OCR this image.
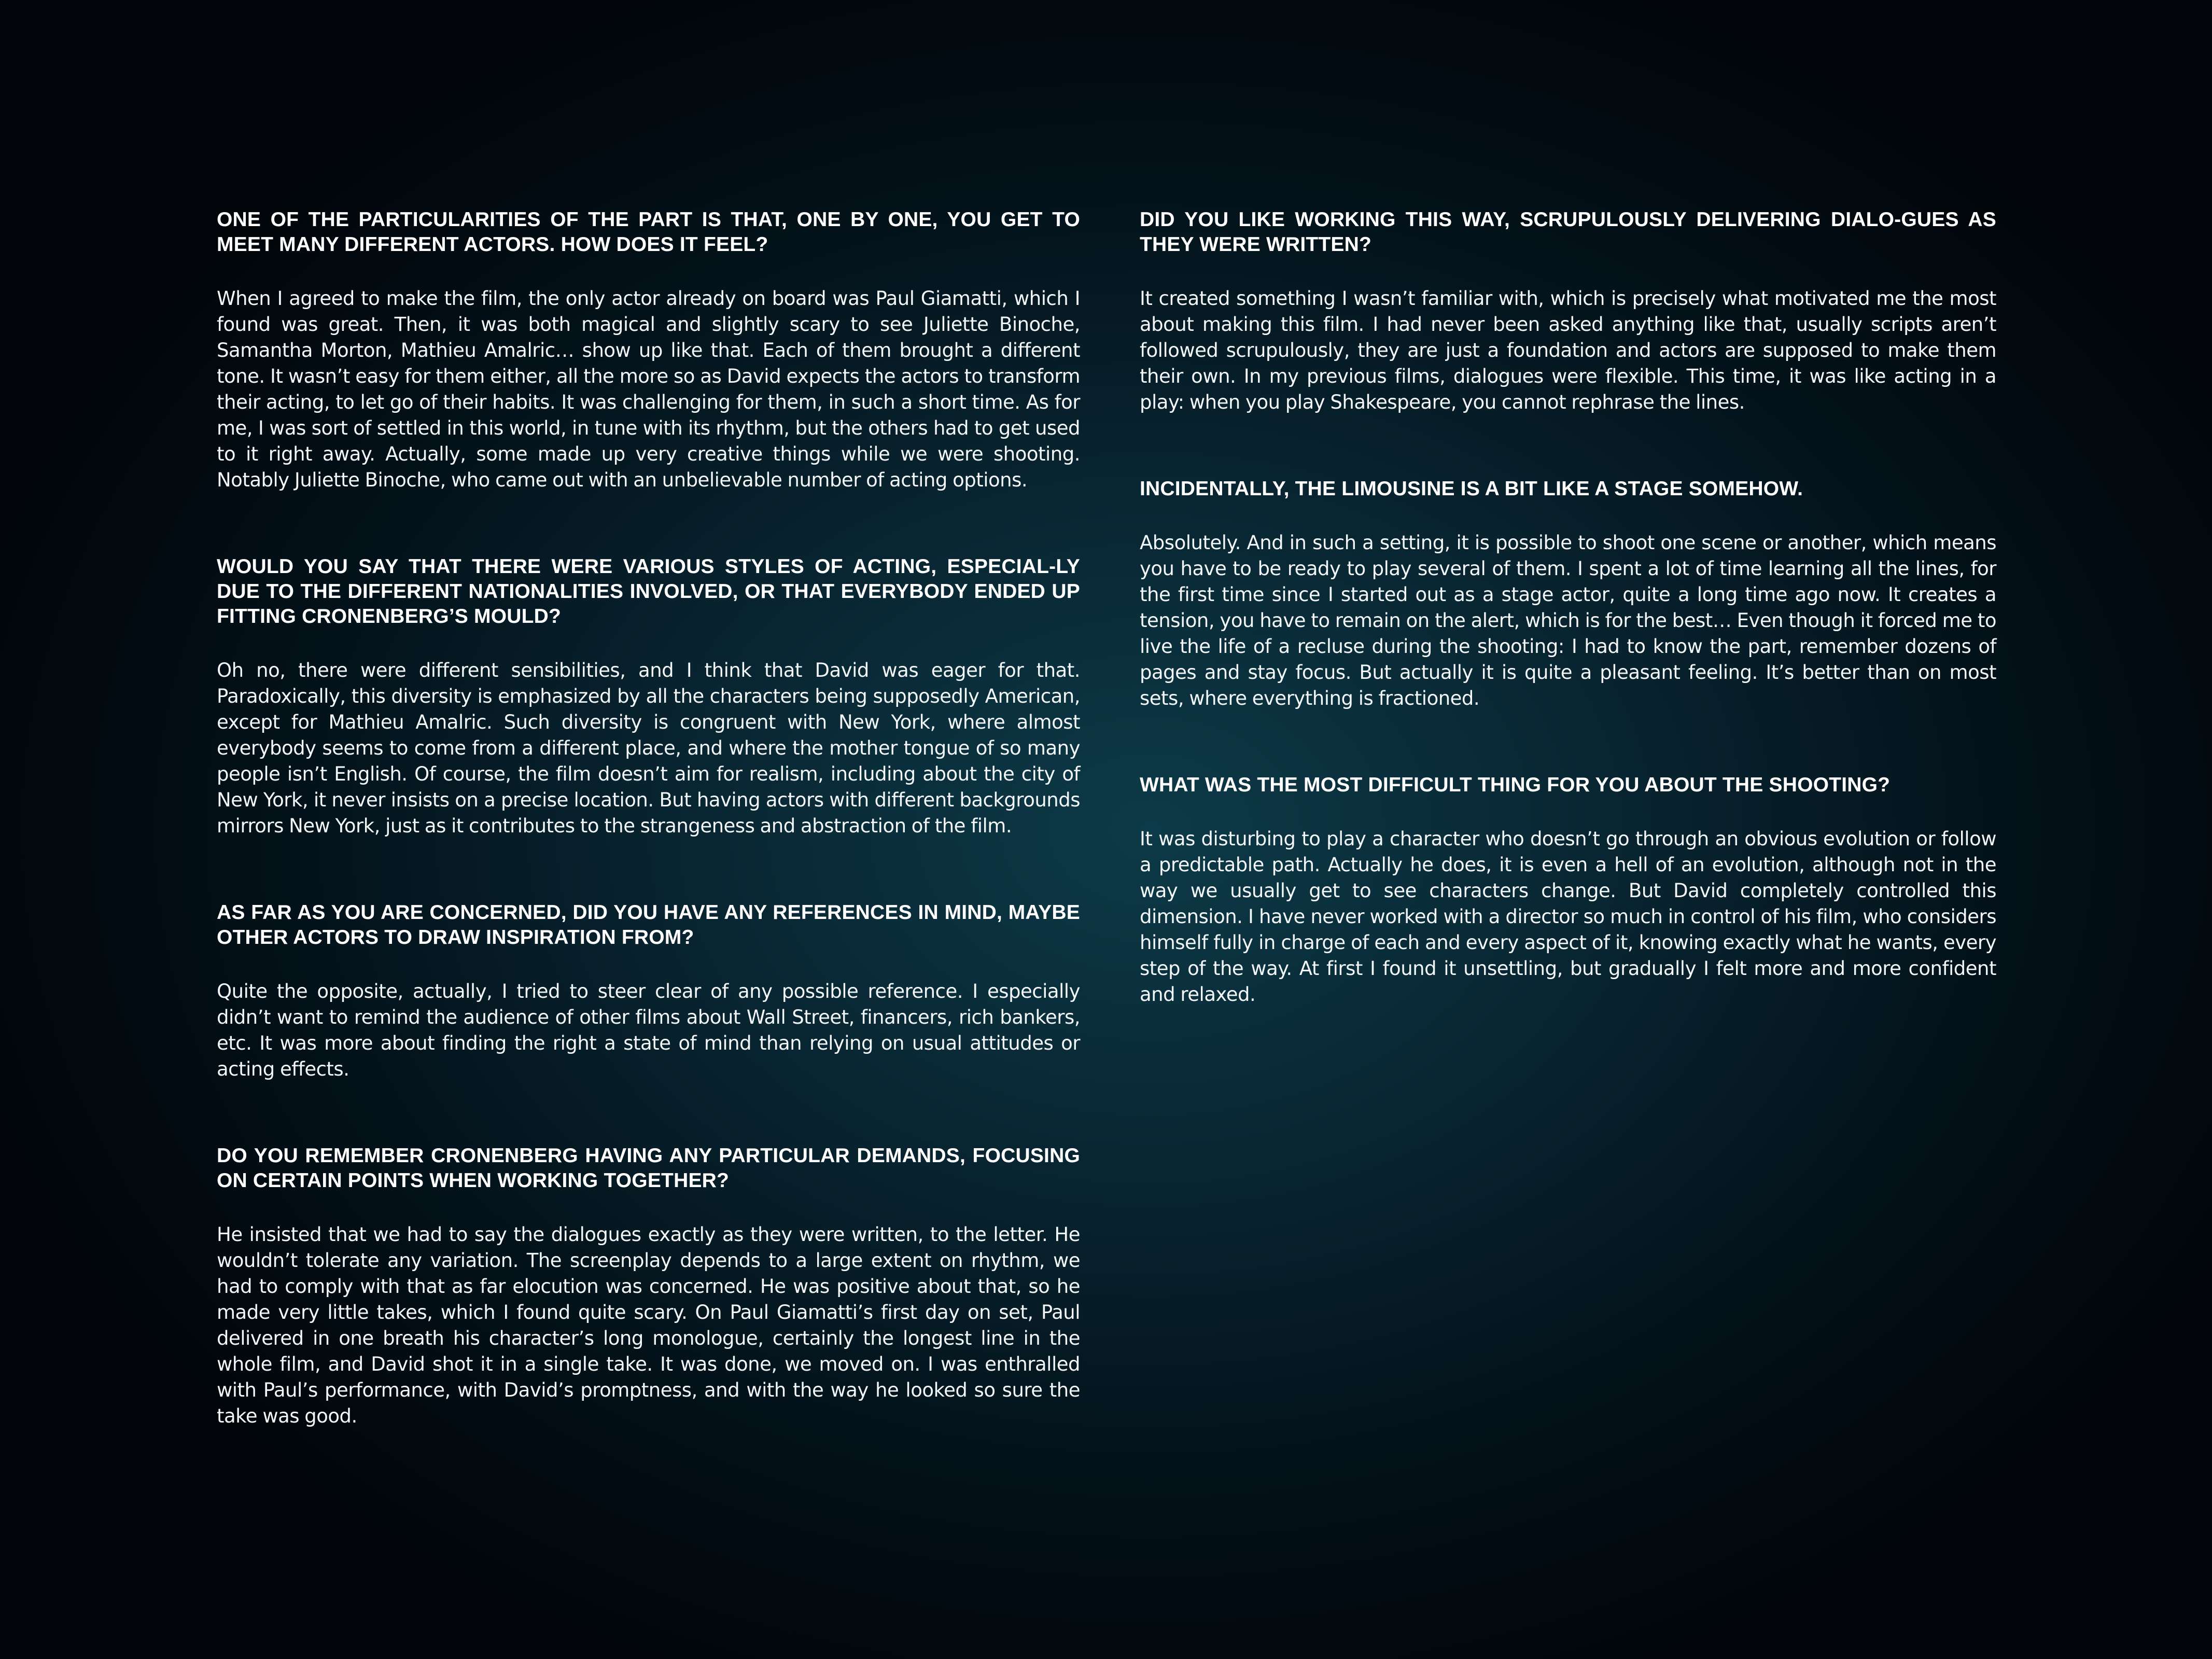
ONE OF THE PARTICULARITIES OF THE PART IS THAT, ONE BY ONE, YOU GET TO MEET MANY DIFFERENT ACTORS. HOW DOES IT FEEL?

When I agreed to make the film, the only actor already on board was Paul Giamatti, which I found was great. Then, it was both magical and slightly scary to see Juliette Binoche, Samantha Morton, Mathieu Amalric… show up like that. Each of them brought a different tone. It wasn’t easy for them either, all the more so as David expects the actors to transform their acting, to let go of their habits. It was challenging for them, in such a short time. As for me, I was sort of settled in this world, in tune with its rhythm, but the others had to get used to it right away. Actually, some made up very creative things while we were shooting. Notably Juliette Binoche, who came out with an unbelievable number of acting options.

WOULD YOU SAY THAT THERE WERE VARIOUS STYLES OF ACTING, ESPECIAL-LY DUE TO THE DIFFERENT NATIONALITIES INVOLVED, OR THAT EVERYBODY ENDED UP FITTING CRONENBERG’S MOULD?

Oh no, there were different sensibilities, and I think that David was eager for that. Paradoxically, this diversity is emphasized by all the characters being supposedly American, except for Mathieu Amalric. Such diversity is congruent with New York, where almost everybody seems to come from a different place, and where the mother tongue of so many people isn’t English. Of course, the film doesn’t aim for realism, including about the city of New York, it never insists on a precise location. But having actors with different backgrounds mirrors New York, just as it contributes to the strangeness and abstraction of the film.

AS FAR AS YOU ARE CONCERNED, DID YOU HAVE ANY REFERENCES IN MIND, MAYBE OTHER ACTORS TO DRAW INSPIRATION FROM?

Quite the opposite, actually, I tried to steer clear of any possible reference. I especially didn’t want to remind the audience of other films about Wall Street, financers, rich bankers, etc. It was more about finding the right a state of mind than relying on usual attitudes or acting effects.

DO YOU REMEMBER CRONENBERG HAVING ANY PARTICULAR DEMANDS, FOCUSING ON CERTAIN POINTS WHEN WORKING TOGETHER?

He insisted that we had to say the dialogues exactly as they were written, to the letter. He wouldn’t tolerate any variation. The screenplay depends to a large extent on rhythm, we had to comply with that as far elocution was concerned. He was positive about that, so he made very little takes, which I found quite scary. On Paul Giamatti’s first day on set, Paul delivered in one breath his character’s long monologue, certainly the longest line in the whole film, and David shot it in a single take. It was done, we moved on. I was enthralled with Paul’s performance, with David’s promptness, and with the way he looked so sure the take was good.

DID YOU LIKE WORKING THIS WAY, SCRUPULOUSLY DELIVERING DIALO-GUES AS THEY WERE WRITTEN?

It created something I wasn’t familiar with, which is precisely what motivated me the most about making this film. I had never been asked anything like that, usually scripts aren’t followed scrupulously, they are just a foundation and actors are supposed to make them their own. In my previous films, dialogues were flexible. This time, it was like acting in a play: when you play Shakespeare, you cannot rephrase the lines.

INCIDENTALLY, THE LIMOUSINE IS A BIT LIKE A STAGE SOMEHOW.

Absolutely. And in such a setting, it is possible to shoot one scene or another, which means you have to be ready to play several of them. I spent a lot of time learning all the lines, for the first time since I started out as a stage actor, quite a long time ago now. It creates a tension, you have to remain on the alert, which is for the best… Even though it forced me to live the life of a recluse during the shooting: I had to know the part, remember dozens of pages and stay focus. But actually it is quite a pleasant feeling. It’s better than on most sets, where everything is fractioned.

WHAT WAS THE MOST DIFFICULT THING FOR YOU ABOUT THE SHOOTING?

It was disturbing to play a character who doesn’t go through an obvious evolution or follow a predictable path. Actually he does, it is even a hell of an evolution, although not in the way we usually get to see characters change. But David completely controlled this dimension. I have never worked with a director so much in control of his film, who considers himself fully in charge of each and every aspect of it, knowing exactly what he wants, every step of the way. At first I found it unsettling, but gradually I felt more and more confident and relaxed.
